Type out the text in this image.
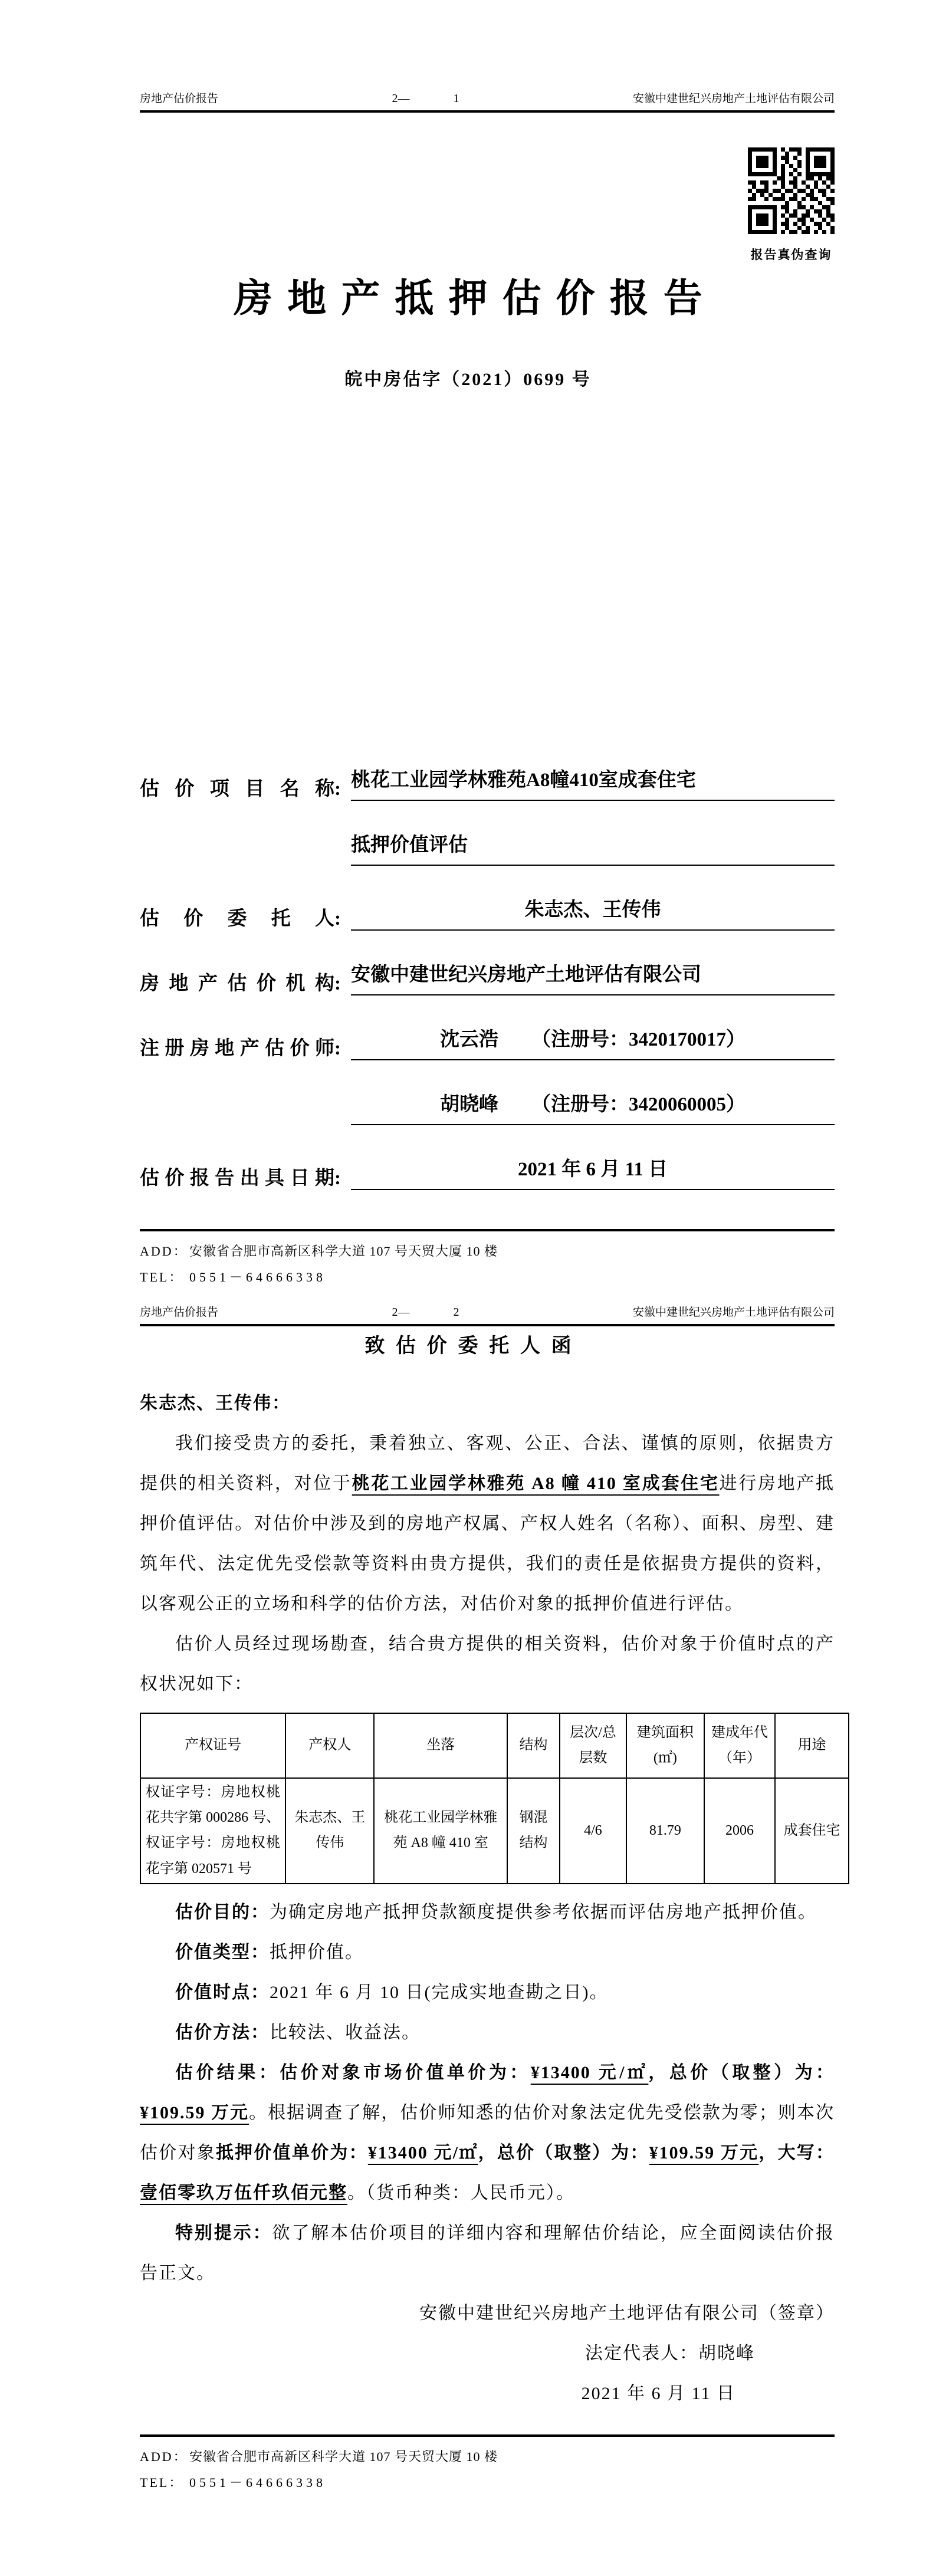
房地产估价报告	2—	1	安徽中建世纪兴房地产土地评估有限公司
报告真伪查询
房地产抵押估价报告
皖中房估字（2021）0699 号
估价项目名称: 桃花工业园学林雅苑A8幢410室成套住宅
抵押价值评估
估价委托人:	朱志杰、王传伟
房地产估价机构: 安徽中建世纪兴房地产土地评估有限公司
注册房地产估价师:	沈云浩 （注册号：3420170017）
胡晓峰 （注册号：3420060005）
估价报告出具日期:	2021 年 6 月 11 日
ADD： 安徽省合肥市高新区科学大道 107 号天贸大厦 10 楼
TEL： 0551－64666338
房地产估价报告	2—	2	安徽中建世纪兴房地产土地评估有限公司
致估价委托人函

朱志杰、王传伟：

我们接受贵方的委托，秉着独立、客观、公正、合法、谨慎的原则，依据贵方提供的相关资料，对位于桃花工业园学林雅苑 A8 幢 410 室成套住宅进行房地产抵押价值评估。对估价中涉及到的房地产权属、产权人姓名（名称）、面积、房型、建筑年代、法定优先受偿款等资料由贵方提供，我们的责任是依据贵方提供的资料，以客观公正的立场和科学的估价方法，对估价对象的抵押价值进行评估。

估价人员经过现场勘查，结合贵方提供的相关资料，估价对象于价值时点的产权状况如下：

产权证号	产权人	坐落	结构	层次/总层数	建筑面积(㎡)	建成年代（年）	用途
权证字号：房地权桃花共字第 000286 号、权证字号：房地权桃花字第 020571 号	朱志杰、王传伟	桃花工业园学林雅苑 A8 幢 410 室	钢混结构	4/6	81.79	2006	成套住宅

估价目的：为确定房地产抵押贷款额度提供参考依据而评估房地产抵押价值。

价值类型：抵押价值。

价值时点：2021 年 6 月 10 日(完成实地查勘之日)。

估价方法：比较法、收益法。

估价结果：估价对象市场价值单价为：¥13400 元/㎡，总价（取整）为：¥109.59 万元。根据调查了解，估价师知悉的估价对象法定优先受偿款为零；则本次估价对象抵押价值单价为：¥13400 元/㎡，总价（取整）为：¥109.59 万元，大写：壹佰零玖万伍仟玖佰元整。（货币种类：人民币元）。

特别提示：欲了解本估价项目的详细内容和理解估价结论，应全面阅读估价报告正文。

安徽中建世纪兴房地产土地评估有限公司（签章）
法定代表人：胡晓峰
2021 年 6 月 11 日
ADD： 安徽省合肥市高新区科学大道 107 号天贸大厦 10 楼
TEL： 0551－64666338
